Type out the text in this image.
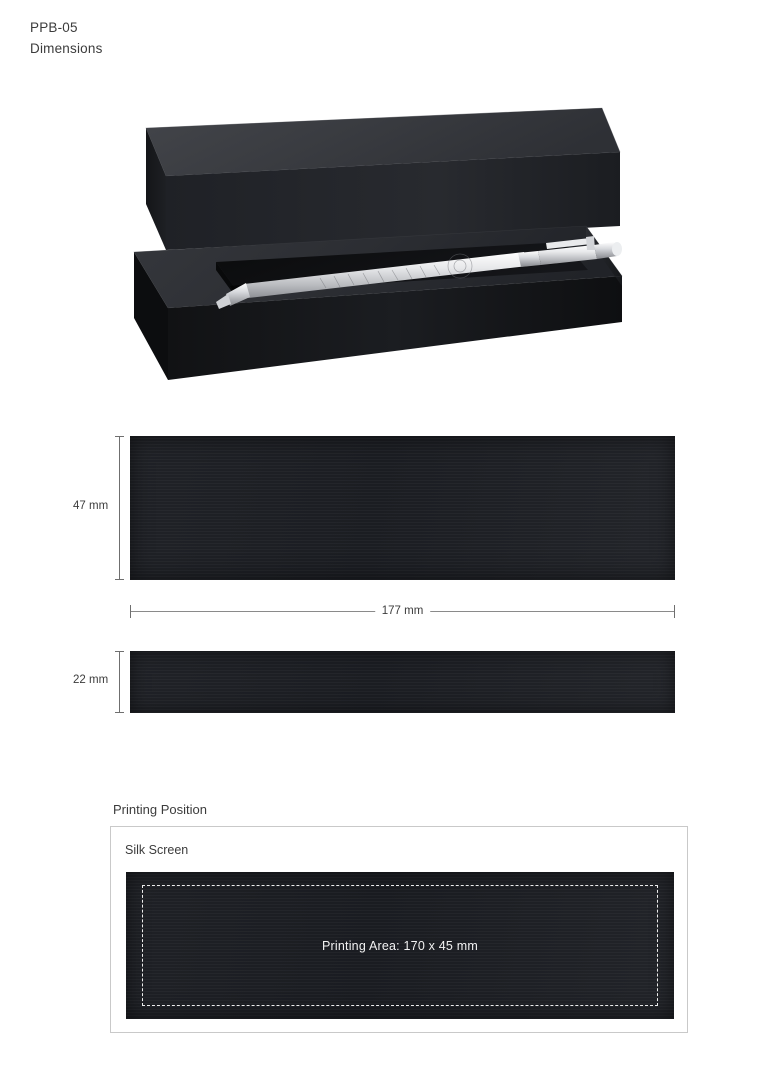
PPB-05
Dimensions
47 mm
177 mm
22 mm
Printing Position
Silk Screen
Printing Area: 170 x 45 mm
